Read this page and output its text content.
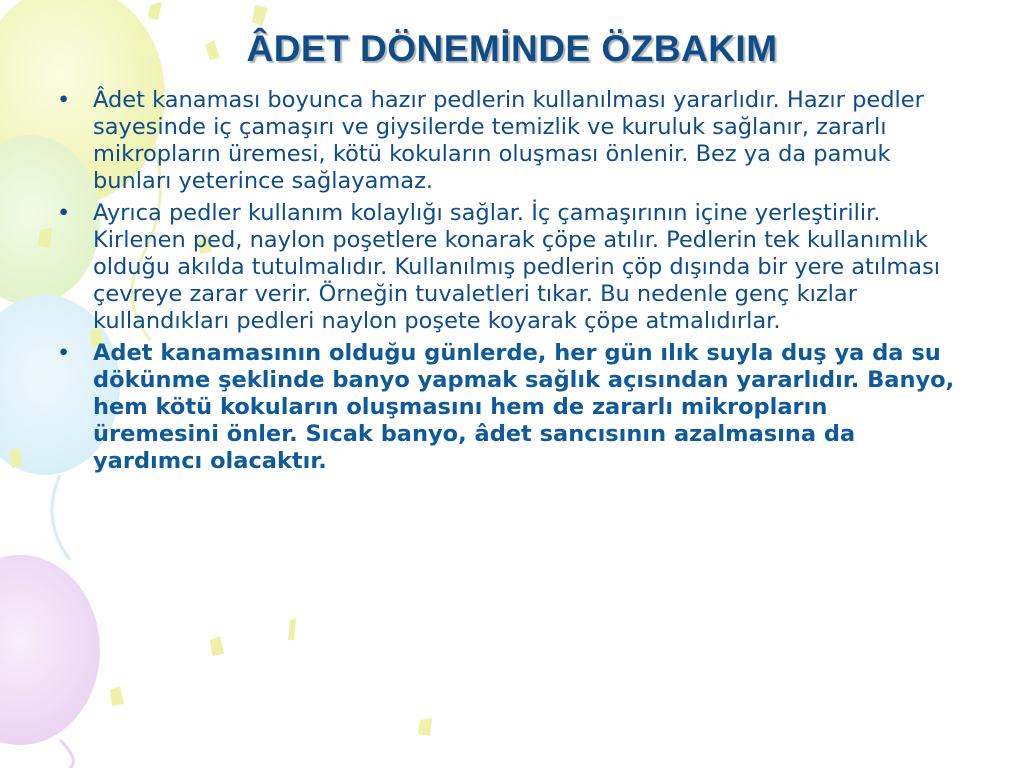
ÂDET DÖNEMİNDE ÖZBAKIM
• Âdet kanaması boyunca hazır pedlerin kullanılması yararlıdır. Hazır pedler sayesinde iç çamaşırı ve giysilerde temizlik ve kuruluk sağlanır, zararlı mikropların üremesi, kötü kokuların oluşması önlenir. Bez ya da pamuk bunları yeterince sağlayamaz.
• Ayrıca pedler kullanım kolaylığı sağlar. İç çamaşırının içine yerleştirilir. Kirlenen ped, naylon poşetlere konarak çöpe atılır. Pedlerin tek kullanımlık olduğu akılda tutulmalıdır. Kullanılmış pedlerin çöp dışında bir yere atılması çevreye zarar verir. Örneğin tuvaletleri tıkar. Bu nedenle genç kızlar kullandıkları pedleri naylon poşete koyarak çöpe atmalıdırlar.
• Adet kanamasının olduğu günlerde, her gün ılık suyla duş ya da su dökünme şeklinde banyo yapmak sağlık açısından yararlıdır. Banyo, hem kötü kokuların oluşmasını hem de zararlı mikropların üremesini önler. Sıcak banyo, âdet sancısının azalmasına da yardımcı olacaktır.
